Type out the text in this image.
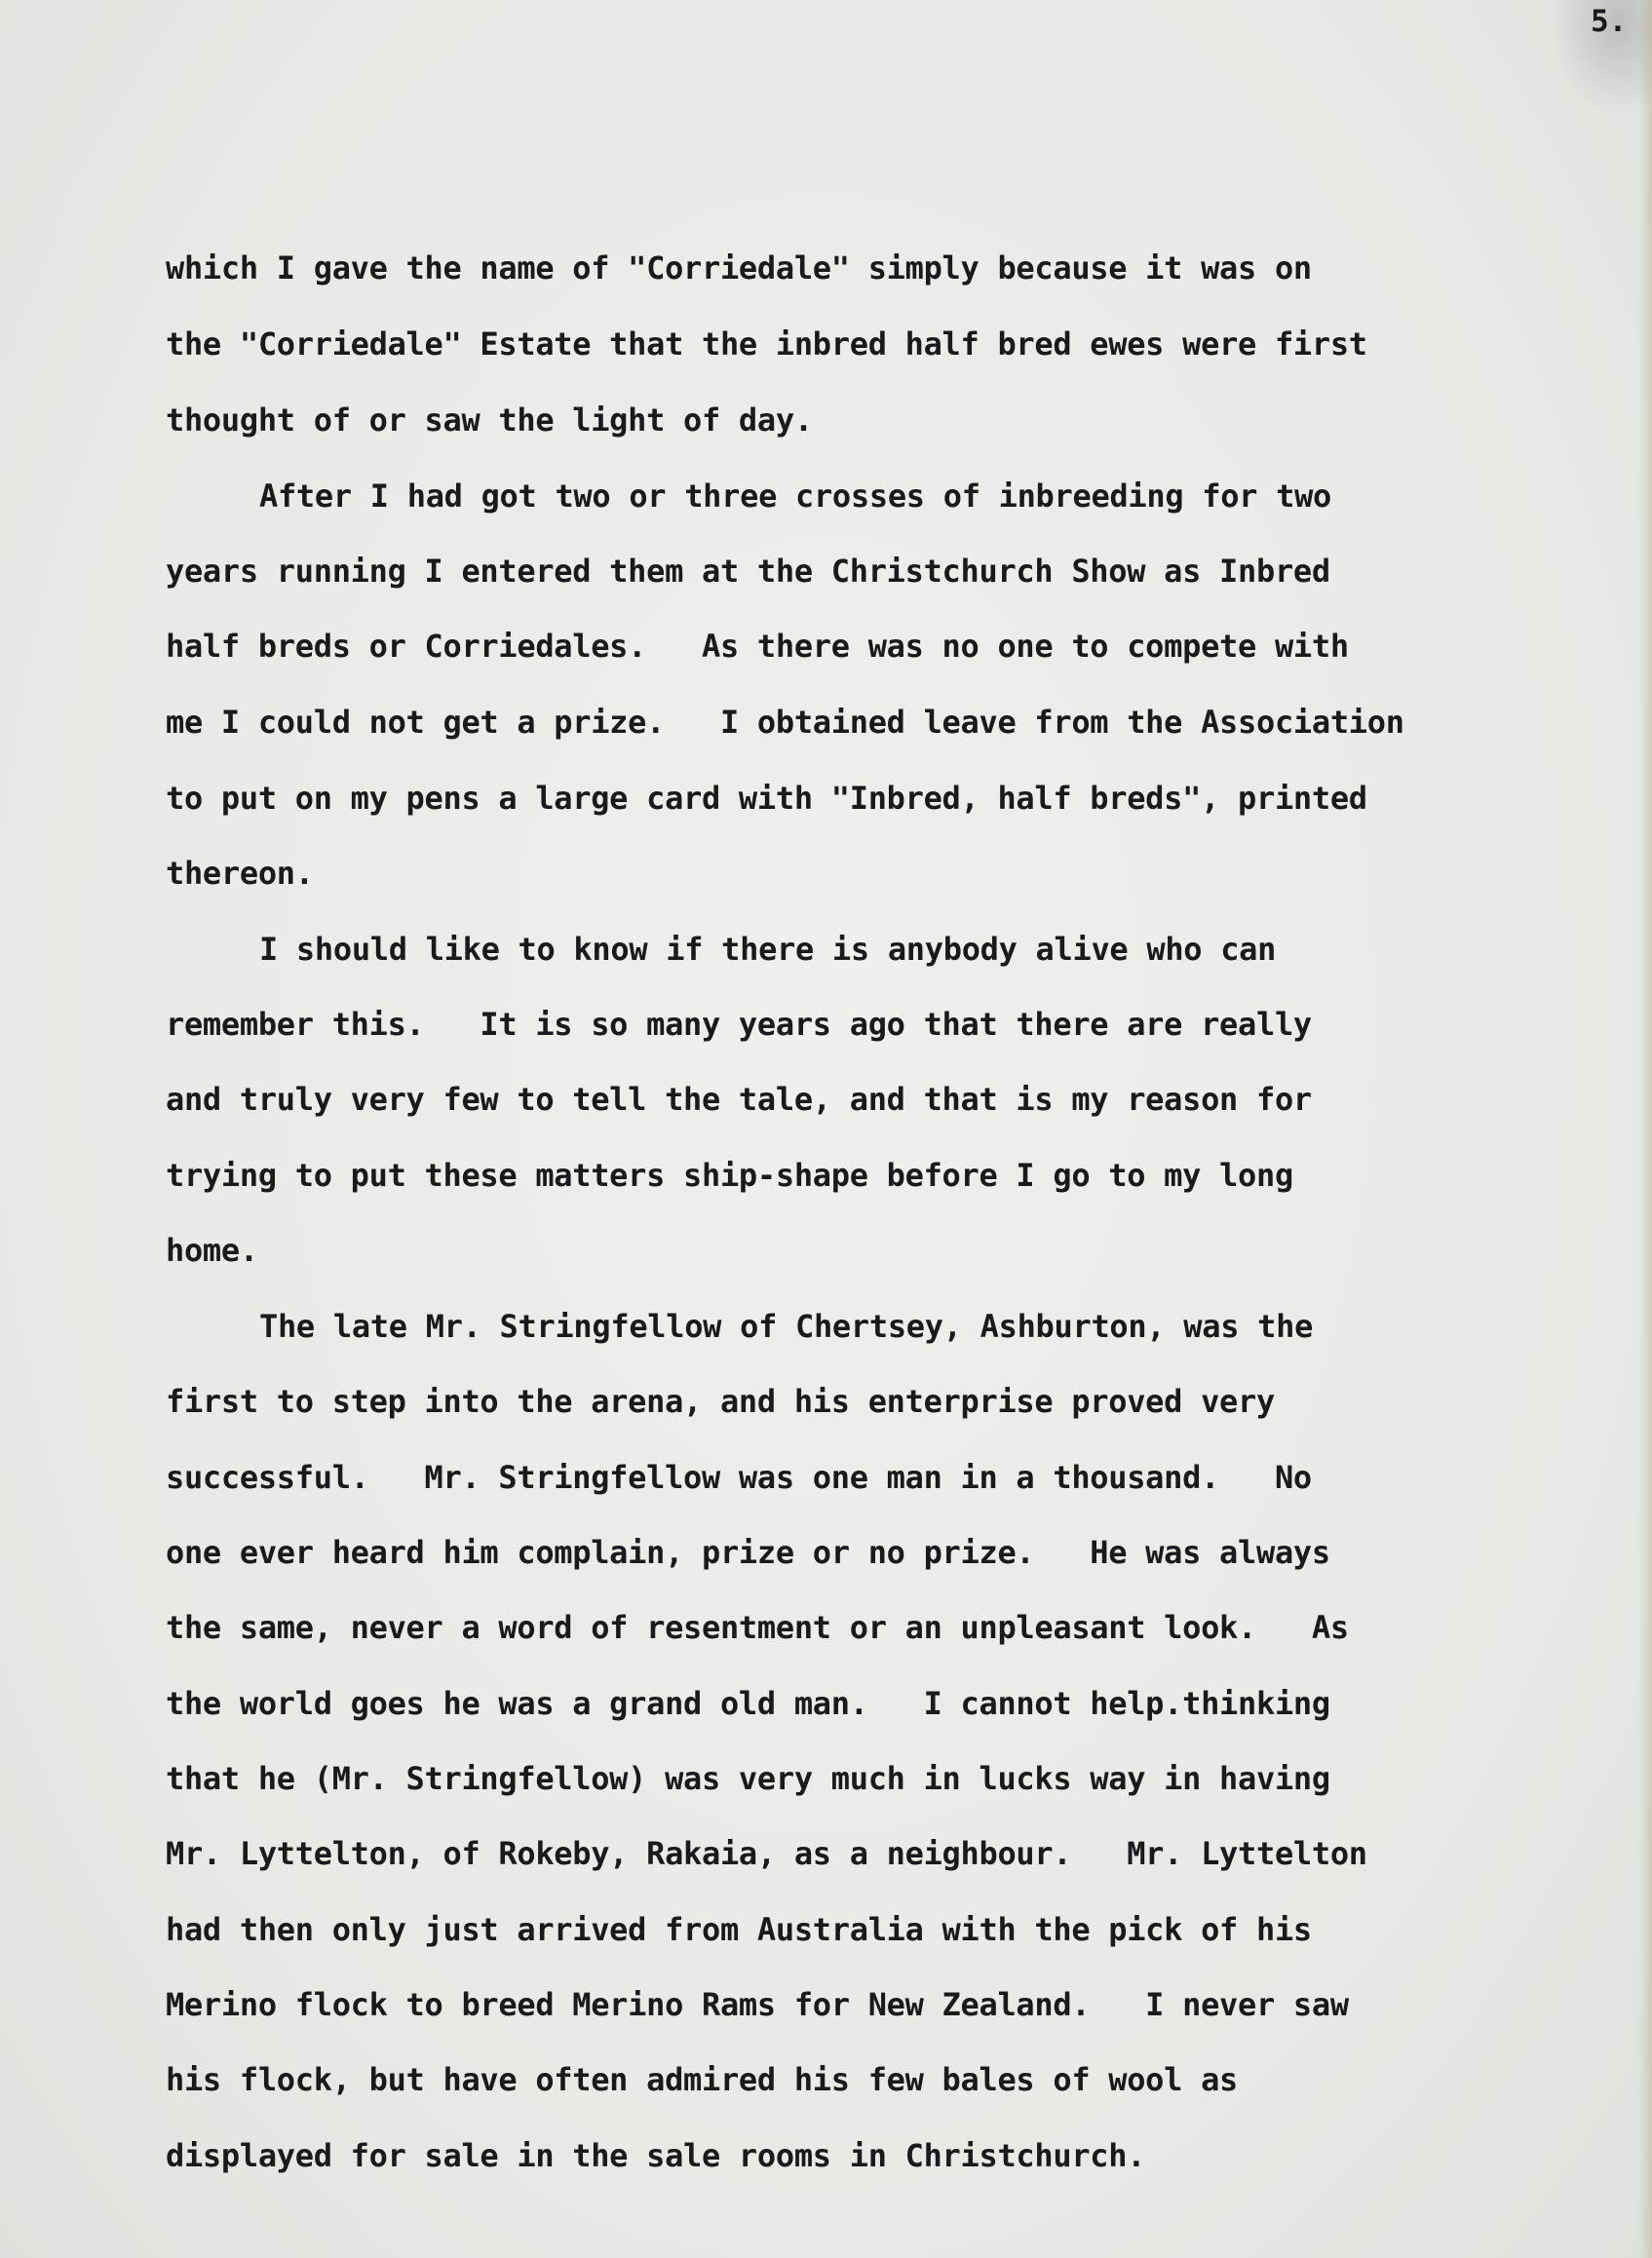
5.
which I gave the name of "Corriedale" simply because it was on
the "Corriedale" Estate that the inbred half bred ewes were first
thought of or saw the light of day.
After I had got two or three crosses of inbreeding for two
years running I entered them at the Christchurch Show as Inbred
half breds or Corriedales.   As there was no one to compete with
me I could not get a prize.   I obtained leave from the Association
to put on my pens a large card with "Inbred, half breds", printed
thereon.
I should like to know if there is anybody alive who can
remember this.   It is so many years ago that there are really
and truly very few to tell the tale, and that is my reason for
trying to put these matters ship-shape before I go to my long
home.
The late Mr. Stringfellow of Chertsey, Ashburton, was the
first to step into the arena, and his enterprise proved very
successful.   Mr. Stringfellow was one man in a thousand.   No
one ever heard him complain, prize or no prize.   He was always
the same, never a word of resentment or an unpleasant look.   As
the world goes he was a grand old man.   I cannot help.thinking
that he (Mr. Stringfellow) was very much in lucks way in having
Mr. Lyttelton, of Rokeby, Rakaia, as a neighbour.   Mr. Lyttelton
had then only just arrived from Australia with the pick of his
Merino flock to breed Merino Rams for New Zealand.   I never saw
his flock, but have often admired his few bales of wool as
displayed for sale in the sale rooms in Christchurch.
